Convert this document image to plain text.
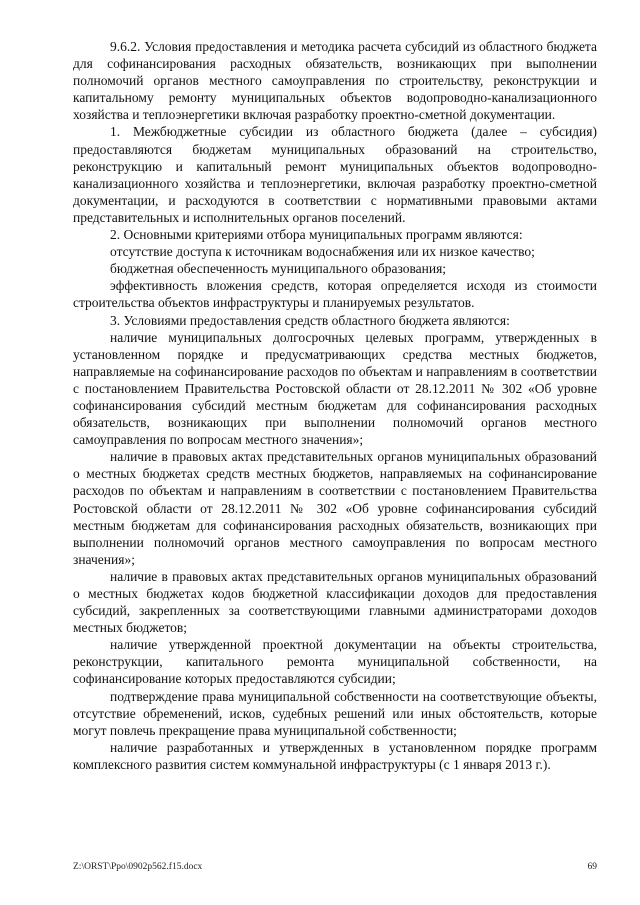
9.6.2. Условия предоставления и методика расчета субсидий из областного бюджета для софинансирования расходных обязательств, возникающих при выполнении полномочий органов местного самоуправления по строительству, реконструкции и капитальному ремонту муниципальных объектов водопроводно-канализационного хозяйства и теплоэнергетики включая разработку проектно-сметной документации.

1. Межбюджетные субсидии из областного бюджета (далее – субсидия) предоставляются бюджетам муниципальных образований на строительство, реконструкцию и капитальный ремонт муниципальных объектов водопроводно-канализационного хозяйства и теплоэнергетики, включая разработку проектно-сметной документации, и расходуются в соответствии с нормативными правовыми актами представительных и исполнительных органов поселений.

2. Основными критериями отбора муниципальных программ являются:

отсутствие доступа к источникам водоснабжения или их низкое качество;

бюджетная обеспеченность муниципального образования;

эффективность вложения средств, которая определяется исходя из стоимости строительства объектов инфраструктуры и планируемых результатов.

3. Условиями предоставления средств областного бюджета являются:

наличие муниципальных долгосрочных целевых программ, утвержденных в установленном порядке и предусматривающих средства местных бюджетов, направляемые на софинансирование расходов по объектам и направлениям в соответствии с постановлением Правительства Ростовской области от 28.12.2011 № 302 «Об уровне софинансирования субсидий местным бюджетам для софинансирования расходных обязательств, возникающих при выполнении полномочий органов местного самоуправления по вопросам местного значения»;

наличие в правовых актах представительных органов муниципальных образований о местных бюджетах средств местных бюджетов, направляемых на софинансирование расходов по объектам и направлениям в соответствии с постановлением Правительства Ростовской области от 28.12.2011 № 302 «Об уровне софинансирования субсидий местным бюджетам для софинансирования расходных обязательств, возникающих при выполнении полномочий органов местного самоуправления по вопросам местного значения»;

наличие в правовых актах представительных органов муниципальных образований о местных бюджетах кодов бюджетной классификации доходов для предоставления субсидий, закрепленных за соответствующими главными администраторами доходов местных бюджетов;

наличие утвержденной проектной документации на объекты строительства, реконструкции, капитального ремонта муниципальной собственности, на софинансирование которых предоставляются субсидии;

подтверждение права муниципальной собственности на соответствующие объекты, отсутствие обременений, исков, судебных решений или иных обстоятельств, которые могут повлечь прекращение права муниципальной собственности;

наличие разработанных и утвержденных в установленном порядке программ комплексного развития систем коммунальной инфраструктуры (с 1 января 2013 г.).

Z:\ORST\Ppo\0902p562.f15.docx	69
